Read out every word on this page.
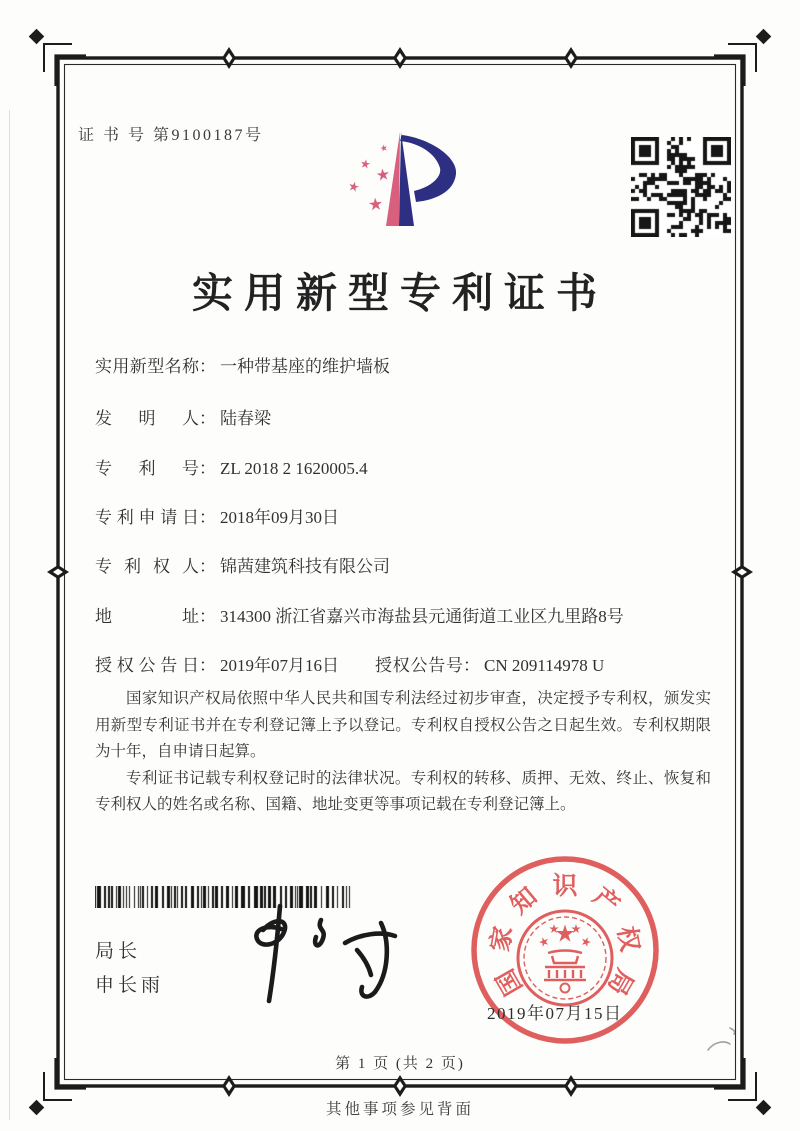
证 书 号 第9100187号
★
★
★
★
★
实用新型专利证书
实用新型名称： 一种带基座的维护墙板
发明人： 陆春梁
专利号： ZL 2018 2 1620005.4
专利申请日： 2018年09月30日
专利权人： 锦茜建筑科技有限公司
地址： 314300 浙江省嘉兴市海盐县元通街道工业区九里路8号
授权公告日： 2019年07月16日 授权公告号： CN 209114978 U

国家知识产权局依照中华人民共和国专利法经过初步审查，决定授予专利权，颁发实用新型专利证书并在专利登记簿上予以登记。专利权自授权公告之日起生效。专利权期限为十年，自申请日起算。

专利证书记载专利权登记时的法律状况。专利权的转移、质押、无效、终止、恢复和专利权人的姓名或名称、国籍、地址变更等事项记载在专利登记簿上。

局长
申长雨	国
家
知 识 产
权
局
2019年07月15日
第 1 页 (共 2 页)
其他事项参见背面
